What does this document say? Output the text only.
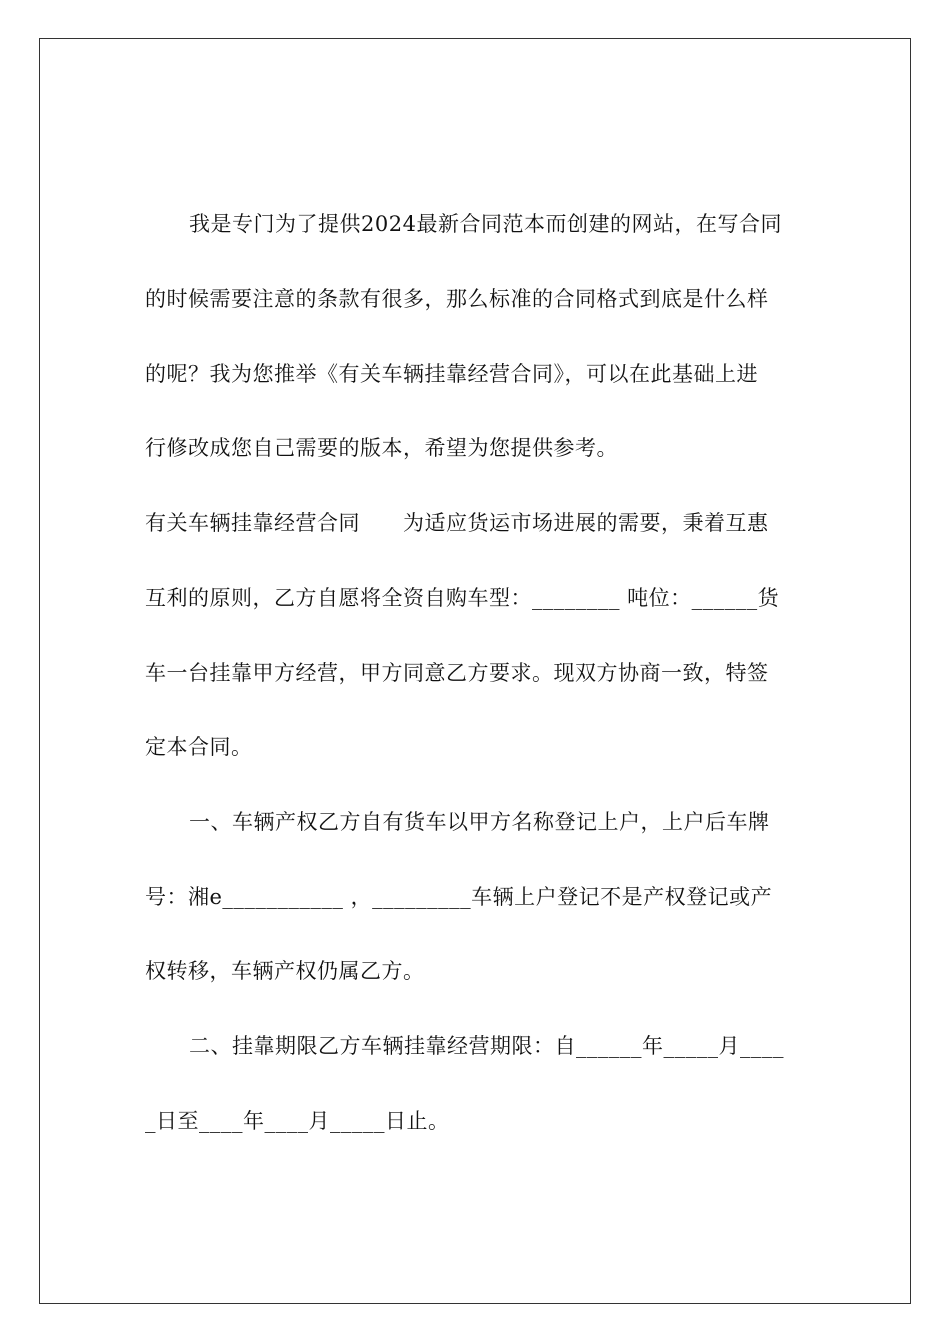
我是专门为了提供2024最新合同范本而创建的网站，在写合同
的时候需要注意的条款有很多，那么标准的合同格式到底是什么样
的呢？我为您推举《有关车辆挂靠经营合同》，可以在此基础上进
行修改成您自己需要的版本，希望为您提供参考。
有关车辆挂靠经营合同　　为适应货运市场进展的需要，秉着互惠
互利的原则，乙方自愿将全资自购车型：________ 吨位：______货
车一台挂靠甲方经营，甲方同意乙方要求。现双方协商一致，特签
定本合同。
一、车辆产权乙方自有货车以甲方名称登记上户，上户后车牌
号：湘e___________ ，_________车辆上户登记不是产权登记或产
权转移，车辆产权仍属乙方。
二、挂靠期限乙方车辆挂靠经营期限：自______年_____月____
_日至____年____月_____日止。
